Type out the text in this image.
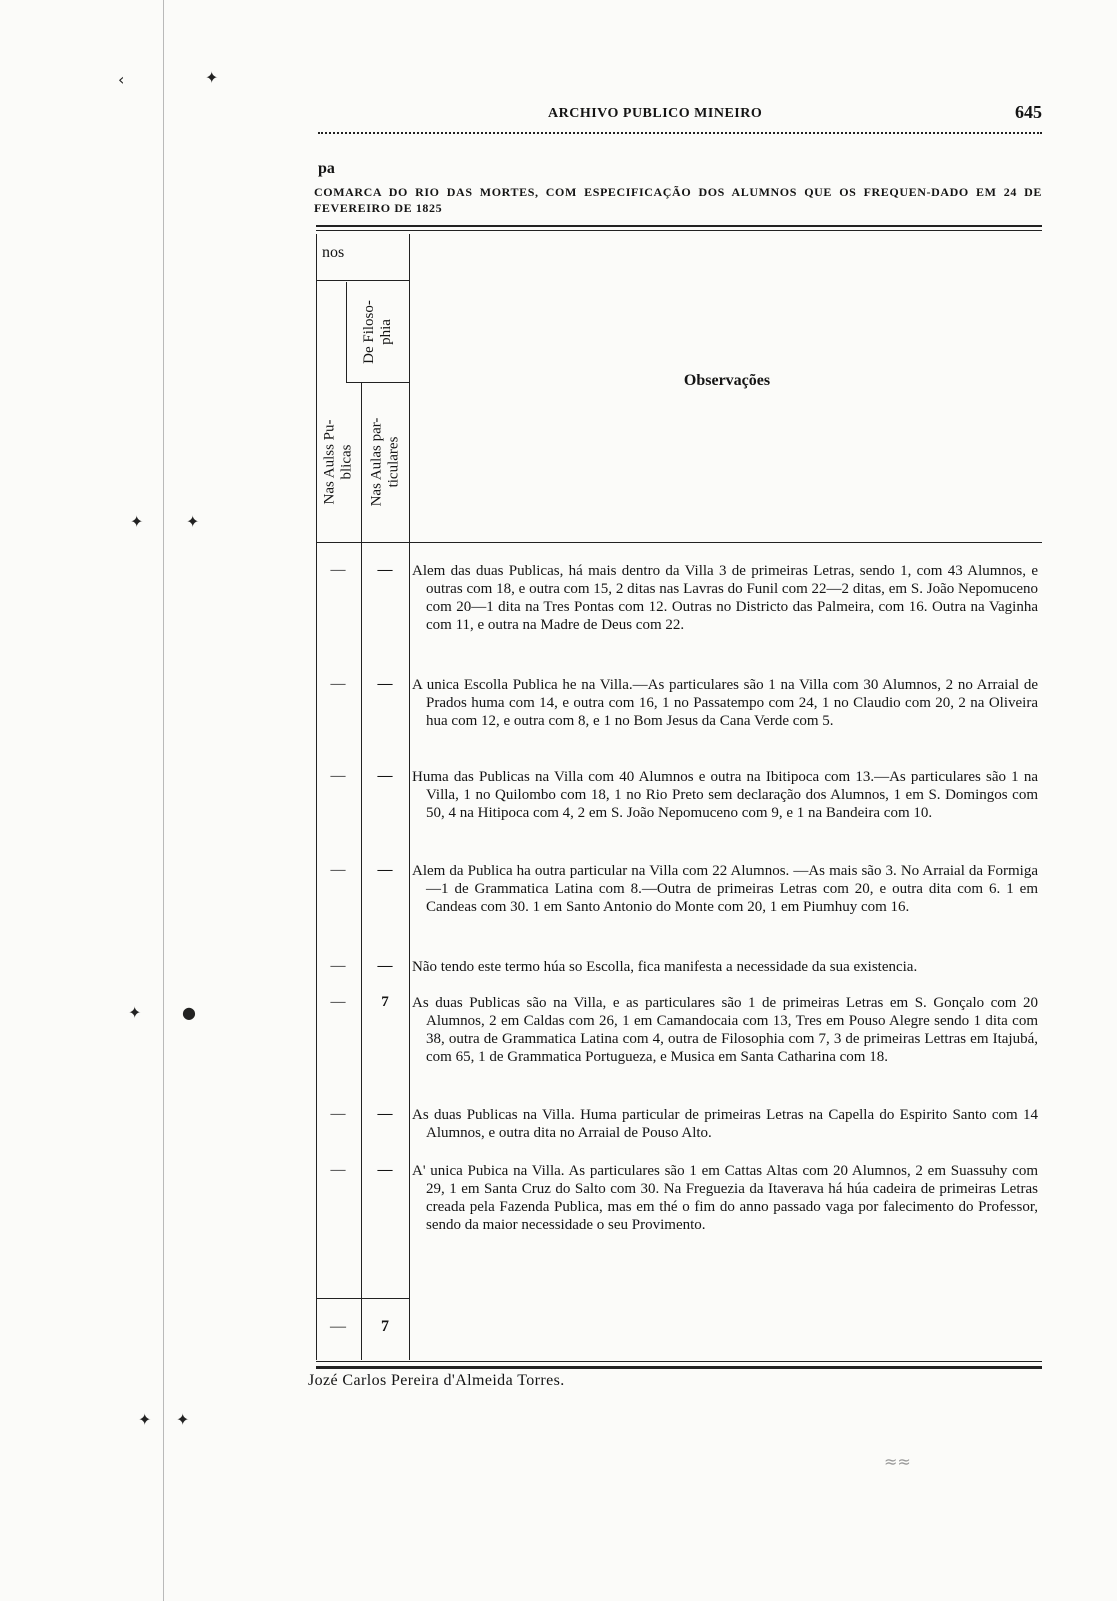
‹	✦
✦	✦
✦	●
✦ ✦
ARCHIVO PUBLICO MINEIRO	645
pa
COMARCA DO RIO DAS MORTES, COM ESPECIFICAÇÃO DOS ALUMNOS QUE OS FREQUEN-DADO EM 24 DE FEVEREIRO DE 1825
nos
De Filoso-
phia
Nas Aulss Pu-
blicas
Nas Aulas par-
ticulares
Observações
—	—	Alem das duas Publicas, há mais dentro da Villa 3 de primeiras Letras, sendo 1, com 43 Alumnos, e outras com 18, e outra com 15, 2 ditas nas Lavras do Funil com 22—2 ditas, em S. João Nepomuceno com 20—1 dita na Tres Pontas com 12. Outras no Districto das Palmeira, com 16. Outra na Vaginha com 11, e outra na Madre de Deus com 22.

—	—	A unica Escolla Publica he na Villa.—As particulares são 1 na Villa com 30 Alumnos, 2 no Arraial de Prados huma com 14, e outra com 16, 1 no Passatempo com 24, 1 no Claudio com 20, 2 na Oliveira hua com 12, e outra com 8, e 1 no Bom Jesus da Cana Verde com 5.

—	—	Huma das Publicas na Villa com 40 Alumnos e outra na Ibitipoca com 13.—As particulares são 1 na Villa, 1 no Quilombo com 18, 1 no Rio Preto sem declaração dos Alumnos, 1 em S. Domingos com 50, 4 na Hitipoca com 4, 2 em S. João Nepomuceno com 9, e 1 na Bandeira com 10.

—	—	Alem da Publica ha outra particular na Villa com 22 Alumnos. —As mais são 3. No Arraial da Formiga—1 de Grammatica Latina com 8.—Outra de primeiras Letras com 20, e outra dita com 6. 1 em Candeas com 30. 1 em Santo Antonio do Monte com 20, 1 em Piumhuy com 16.

—	—	Não tendo este termo húa so Escolla, fica manifesta a necessidade da sua existencia.

—	7	As duas Publicas são na Villa, e as particulares são 1 de primeiras Letras em S. Gonçalo com 20 Alumnos, 2 em Caldas com 26, 1 em Camandocaia com 13, Tres em Pouso Alegre sendo 1 dita com 38, outra de Grammatica Latina com 4, outra de Filosophia com 7, 3 de primeiras Lettras em Itajubá, com 65, 1 de Grammatica Portugueza, e Musica em Santa Catharina com 18.

—	—	As duas Publicas na Villa. Huma particular de primeiras Letras na Capella do Espirito Santo com 14 Alumnos, e outra dita no Arraial de Pouso Alto.

—	—	A' unica Pubica na Villa. As particulares são 1 em Cattas Altas com 20 Alumnos, 2 em Suassuhy com 29, 1 em Santa Cruz do Salto com 30. Na Freguezia da Itaverava há húa cadeira de primeiras Letras creada pela Fazenda Publica, mas em thé o fim do anno passado vaga por falecimento do Professor, sendo da maior necessidade o seu Provimento.

—	7
Jozé Carlos Pereira d'Almeida Torres.
≈≈
